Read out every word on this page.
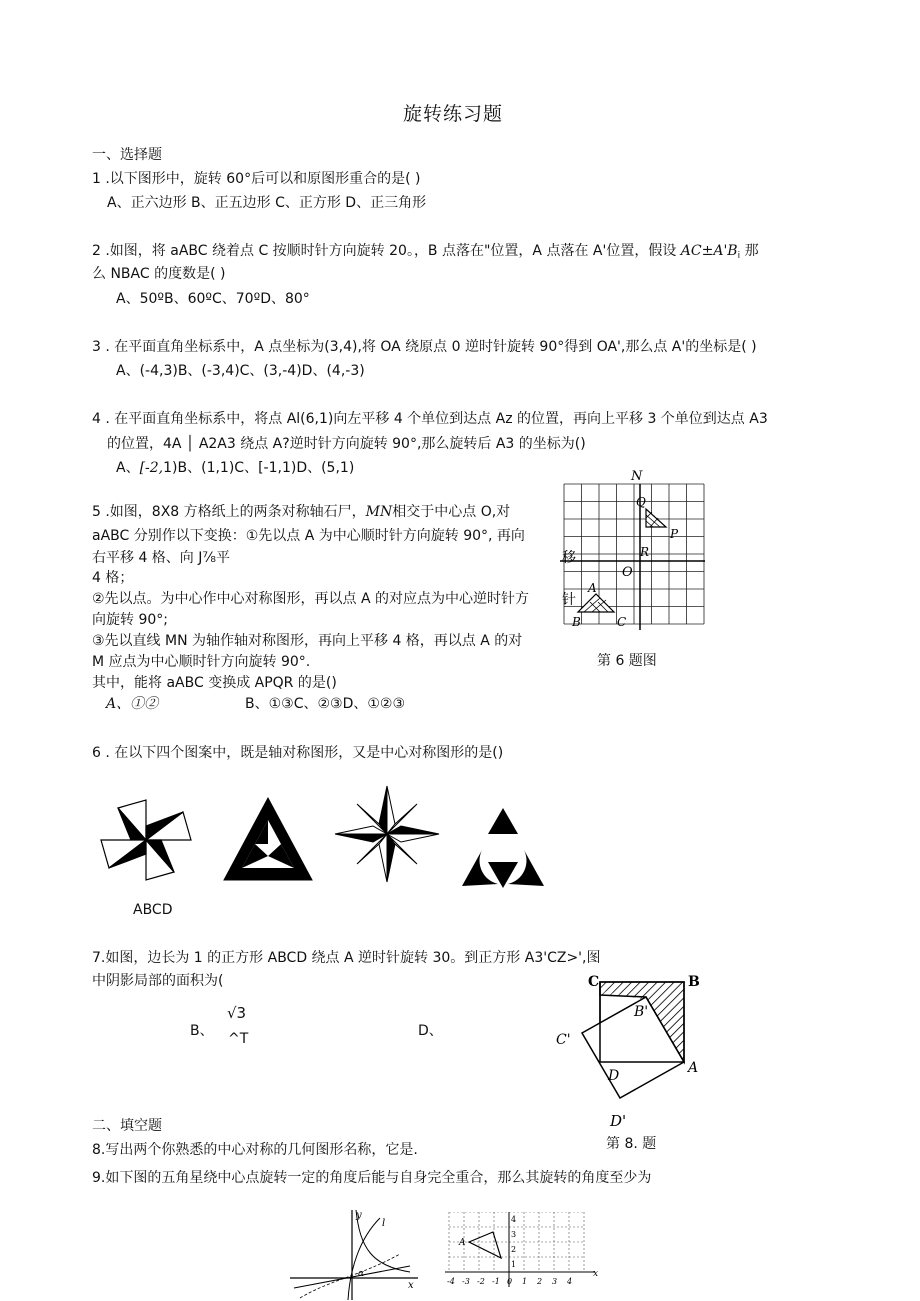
旋转练习题
一、选择题
1 .以下图形中，旋转 60°后可以和原图形重合的是( )
A、正六边形 B、正五边形 C、正方形 D、正三角形
2 .如图，将 aABC 绕着点 C 按顺时针方向旋转 20。，B 点落在"位置，A 点落在 A'位置，假设 $AC\pm A'B_i$ 那
么 NBAC 的度数是( )
A、50ºB、60ºC、70ºD、80°
3 . 在平面直角坐标系中，A 点坐标为(3,4),将 OA 绕原点 0 逆时针旋转 90°得到 OA',那么点 A'的坐标是( )
A、(-4,3)B、(-3,4)C、(3,-4)D、(4,-3)
4 . 在平面直角坐标系中，将点 Al(6,1)向左平移 4 个单位到达点 Az 的位置，再向上平移 3 个单位到达点 A3
的位置，4A │ A2A3 绕点 A?逆时针方向旋转 90°,那么旋转后 A3 的坐标为()
A、[-2,1)B、(1,1)C、[-1,1)D、(5,1)
5 .如图，8X8 方格纸上的两条对称轴石尸，MN相交于中心点 O,对
aABC 分别作以下变换：①先以点 A 为中心顺时针方向旋转 90°, 再向
右平移 4 格、向 J⅞平
4 格；
②先以点。为中心作中心对称图形，再以点 A 的对应点为中心逆时针方
向旋转 90°;
③先以直线 MN 为轴作轴对称图形，再向上平移 4 格，再以点 A 的对
M 应点为中心顺时针方向旋转 90°.
其中，能将 aABC 变换成 APQR 的是()
A、①②	B、①③C、②③D、①②③
第 6 题图
N
Q
P
R
O
A
B	C
移
针
6 . 在以下四个图案中，既是轴对称图形，又是中心对称图形的是()
ABCD
7.如图，边长为 1 的正方形 ABCD 绕点 A 逆时针旋转 30。到正方形 A3'CZ>',图
中阴影局部的面积为(
B、
√3
^T	D、
C	B
B'
C'
D	A
D'
第 8. 题
二、填空题
8.写出两个你熟悉的中心对称的几何图形名称，它是.
9.如下图的五角星绕中心点旋转一定的角度后能与自身完全重合，那么其旋转的角度至少为
y
l
x
α
A
4
3
2
1
-4 -3 -2 -1 0 1 2 3 4
x
